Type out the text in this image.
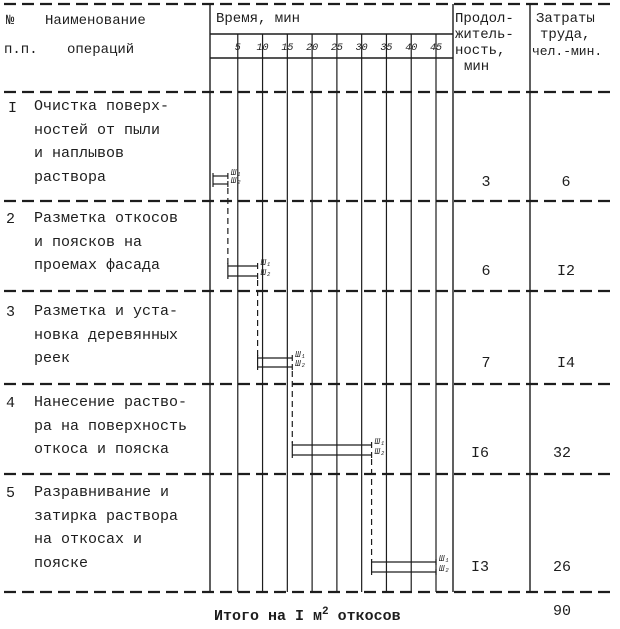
№
п.п.
Наименование
операций
Время, мин	Продол-
житель-
ность,
мин
Затраты
труда,
чел.-мин.
5 10 15 20 25 30 35 40 45
I Очистка поверх-
ностей от пыли
и наплывов
раствора	3	6
2 Разметка откосов
и поясков на
проемах фасада	6	I2
3 Разметка и уста-
новка деревянных
реек	7	I4
4 Нанесение раство-
ра на поверхность
откоса и пояска	I6	32
5 Разравнивание и
затирка раствора
на откосах и
пояске	I3	26
Ш₁
Ш₂
Ш₁
Ш₂
Ш₁
Ш₂
Ш₁
Ш₂
Ш₁
Ш₂
Итого на I $м^2$ откосов	90
